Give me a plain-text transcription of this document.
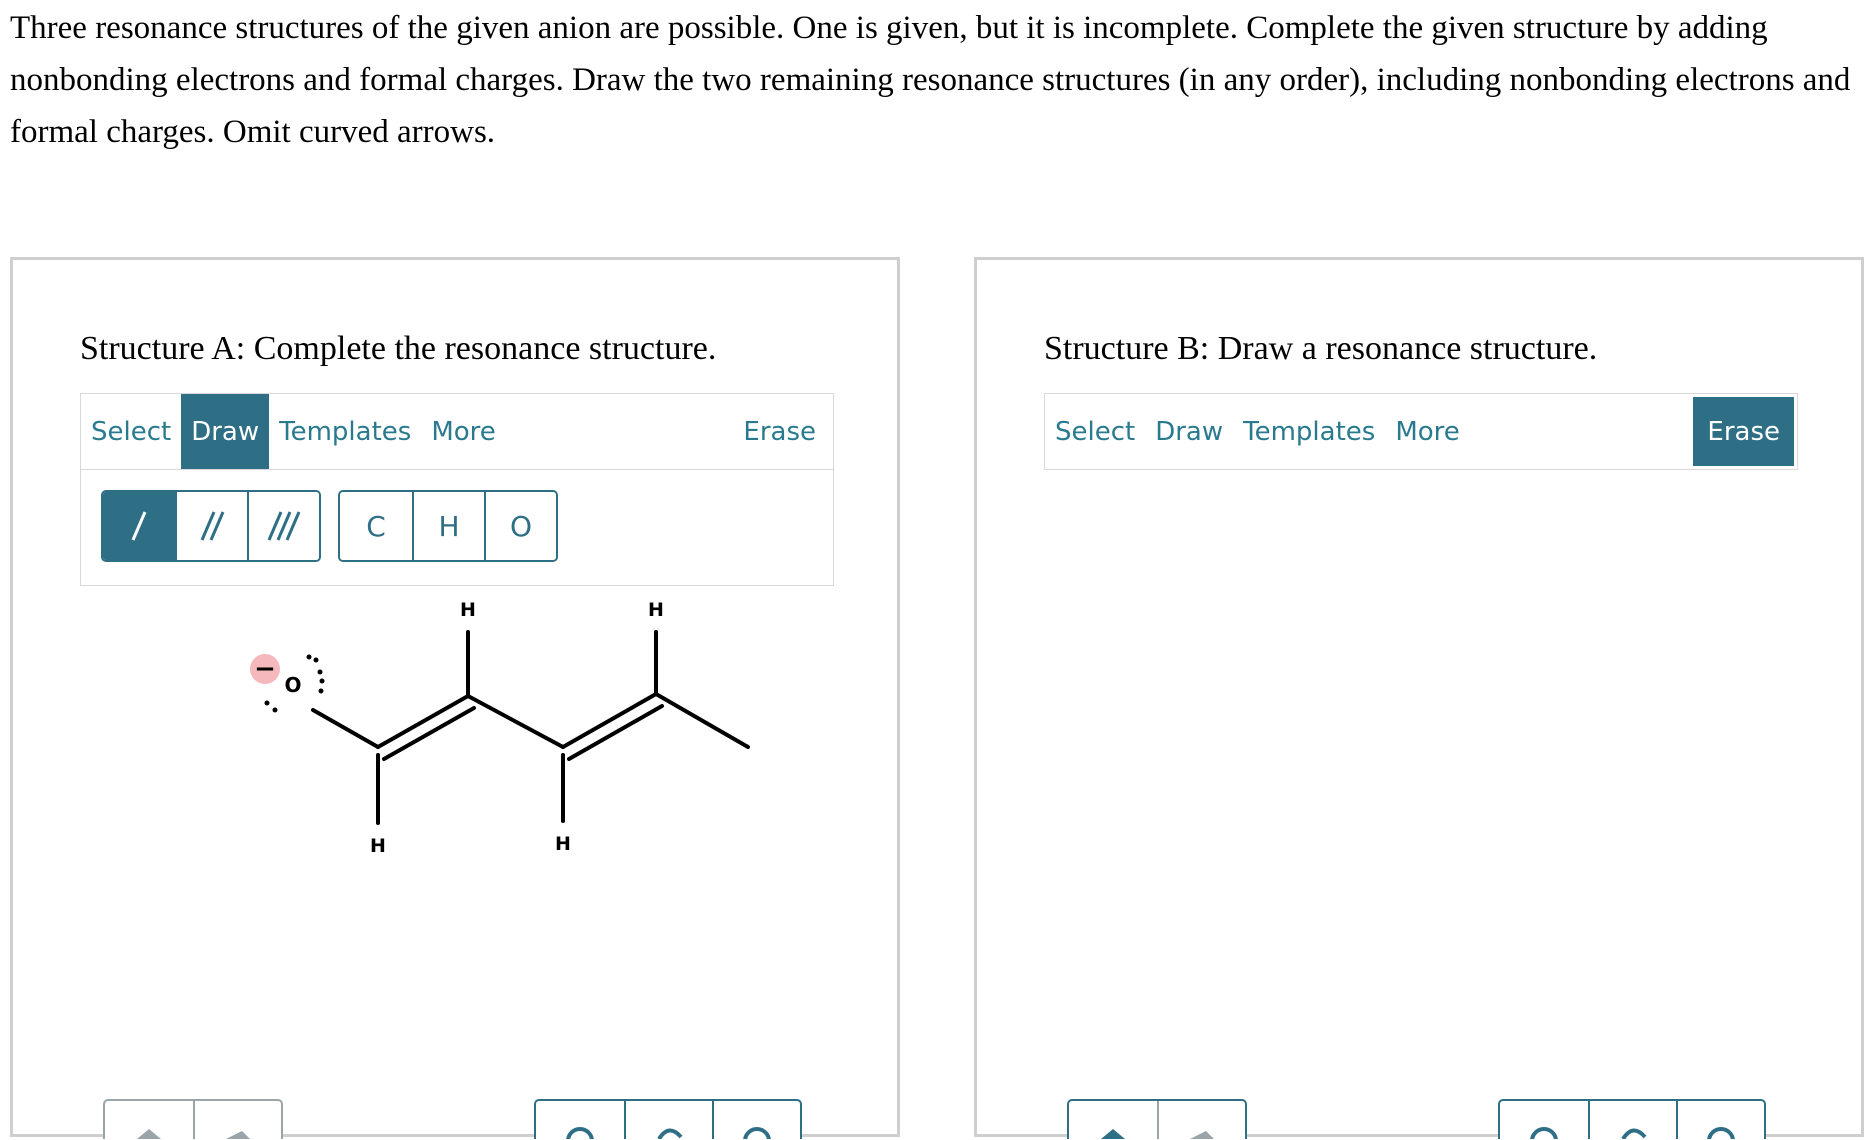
Three resonance structures of the given anion are possible. One is given, but it is incomplete. Complete the given structure by adding nonbonding electrons and formal charges. Draw the two remaining resonance structures (in any order), including nonbonding electrons and formal charges. Omit curved arrows.

Structure A: Complete the resonance structure.
Select Draw Templates More	Erase
C	H	O
−
O
H	H
H	H
Structure B: Draw a resonance structure.
Select Draw Templates More	Erase
